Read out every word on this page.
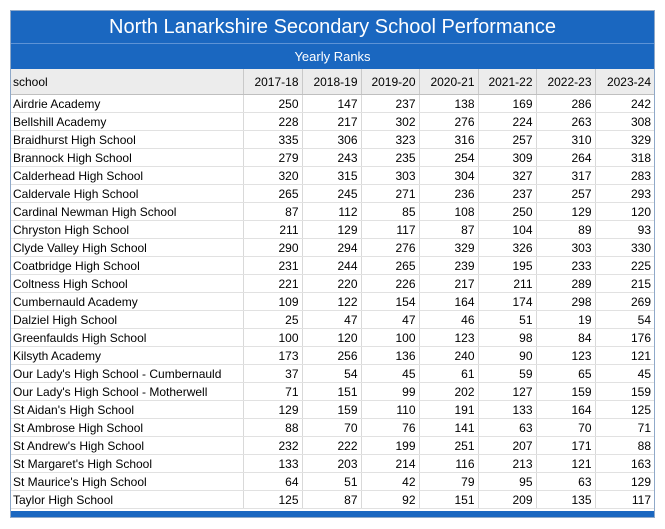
North Lanarkshire Secondary School Performance
Yearly Ranks
school	2017-18	2018-19	2019-20	2020-21	2021-22	2022-23	2023-24
Airdrie Academy	250	147	237	138	169	286	242
Bellshill Academy	228	217	302	276	224	263	308
Braidhurst High School	335	306	323	316	257	310	329
Brannock High School	279	243	235	254	309	264	318
Calderhead High School	320	315	303	304	327	317	283
Caldervale High School	265	245	271	236	237	257	293
Cardinal Newman High School	87	112	85	108	250	129	120
Chryston High School	211	129	117	87	104	89	93
Clyde Valley High School	290	294	276	329	326	303	330
Coatbridge High School	231	244	265	239	195	233	225
Coltness High School	221	220	226	217	211	289	215
Cumbernauld Academy	109	122	154	164	174	298	269
Dalziel High School	25	47	47	46	51	19	54
Greenfaulds High School	100	120	100	123	98	84	176
Kilsyth Academy	173	256	136	240	90	123	121
Our Lady's High School - Cumbernauld	37	54	45	61	59	65	45
Our Lady's High School - Motherwell	71	151	99	202	127	159	159
St Aidan's High School	129	159	110	191	133	164	125
St Ambrose High School	88	70	76	141	63	70	71
St Andrew's High School	232	222	199	251	207	171	88
St Margaret's High School	133	203	214	116	213	121	163
St Maurice's High School	64	51	42	79	95	63	129
Taylor High School	125	87	92	151	209	135	117
